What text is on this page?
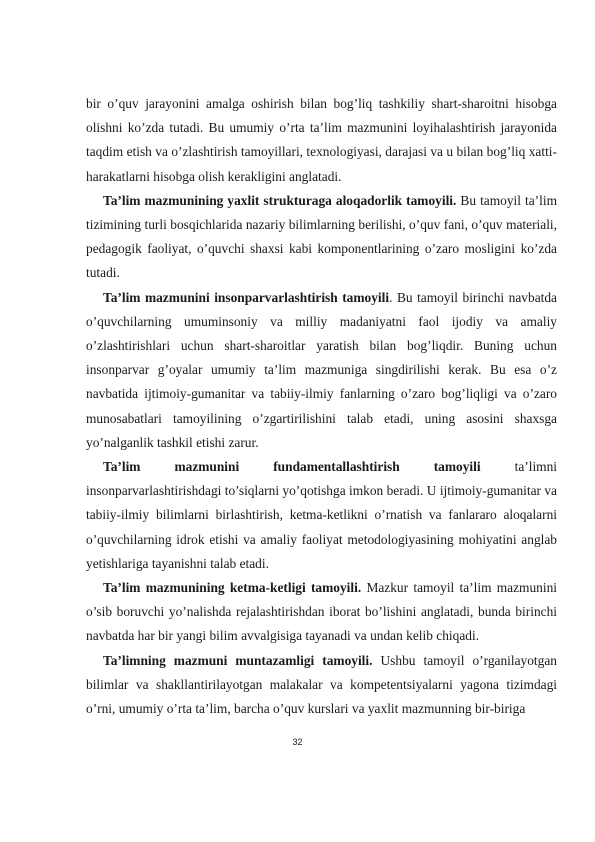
bir o’quv jarayonini amalga oshirish bilan bog’liq tashkiliy shart-sharoitni hisobga olishni ko’zda tutadi. Bu umumiy o’rta ta’lim mazmunini loyihalashtirish jarayonida taqdim etish va o’zlashtirish tamoyillari, texnologiyasi, darajasi va u bilan bog’liq xatti-harakatlarni hisobga olish kerakligini anglatadi.

Ta’lim mazmunining yaxlit strukturaga aloqadorlik tamoyili. Bu tamoyil ta’lim tizimining turli bosqichlarida nazariy bilimlarning berilishi, o’quv fani, o’quv materiali, pedagogik faoliyat, o’quvchi shaxsi kabi komponentlarining o’zaro mosligini ko’zda tutadi.

Ta’lim mazmunini insonparvarlashtirish tamoyili. Bu tamoyil birinchi navbatda o’quvchilarning umuminsoniy va milliy madaniyatni faol ijodiy va amaliy o’zlashtirishlari uchun shart-sharoitlar yaratish bilan bog’liqdir. Buning uchun insonparvar g’oyalar umumiy ta’lim mazmuniga singdirilishi kerak. Bu esa o’z navbatida ijtimoiy-gumanitar va tabiiy-ilmiy fanlarning o’zaro bog’liqligi va o’zaro munosabatlari tamoyilining o’zgartirilishini talab etadi, uning asosini shaxsga yo’nalganlik tashkil etishi zarur.

Ta’lim mazmunini fundamentallashtirish tamoyili ta’limni insonparvarlashtirishdagi to’siqlarni yo’qotishga imkon beradi. U ijtimoiy-gumanitar va tabiiy-ilmiy bilimlarni birlashtirish, ketma-ketlikni o’rnatish va fanlararo aloqalarni o’quvchilarning idrok etishi va amaliy faoliyat metodologiyasining mohiyatini anglab yetishlariga tayanishni talab etadi.

Ta’lim mazmunining ketma-ketligi tamoyili. Mazkur tamoyil ta’lim mazmunini o’sib boruvchi yo’nalishda rejalashtirishdan iborat bo’lishini anglatadi, bunda birinchi navbatda har bir yangi bilim avvalgisiga tayanadi va undan kelib chiqadi.

Ta’limning mazmuni muntazamligi tamoyili. Ushbu tamoyil o’rganilayotgan bilimlar va shakllantirilayotgan malakalar va kompetentsiyalarni yagona tizimdagi o’rni, umumiy o’rta ta’lim, barcha o’quv kurslari va yaxlit mazmunning bir-biriga

32
